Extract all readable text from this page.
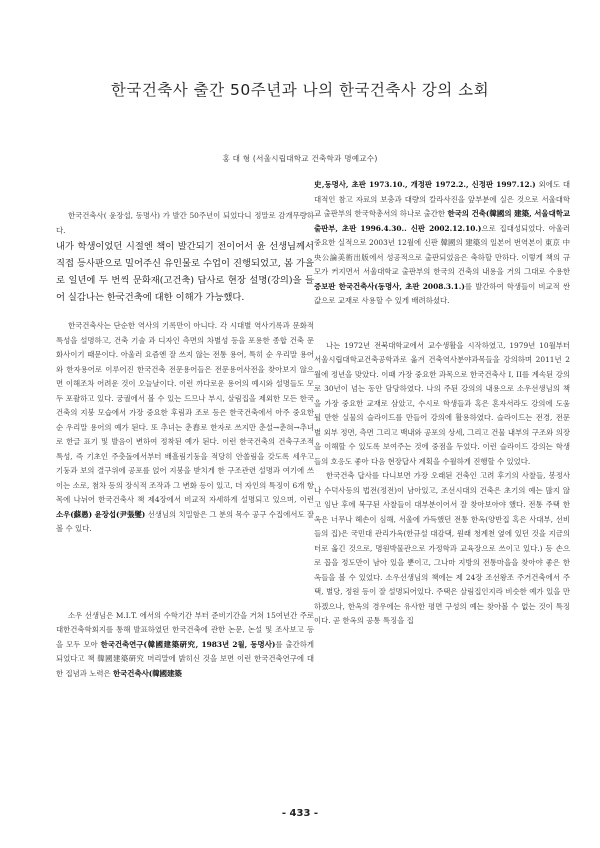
한국건축사 출간 50주년과 나의 한국건축사 강의 소회
홍 대 형 (서울시립대학교 건축학과 명예교수)

한국건축사( 윤장섭, 동명사) 가 발간 50주년이 되었다니 정말로 감개무량하다.

내가 학생이었던 시절엔 책이 발간되기 전이어서 윤 선생님께서 직접 등사판으로 밀어주신 유인물로 수업이 진행되었고, 봄 가을로 일년에 두 번씩 문화재(고건축) 답사로 현장 설명(강의)을 들어 실감나는 한국건축에 대한 이해가 가능했다.

한국건축사는 단순한 역사의 기록만이 아니다. 각 시대별 역사기록과 문화적 특성을 설명하고, 건축 기술 과 디자인 측면의 차별성 등을 포용한 종합 건축 문화사이기 때문이다. 아울러 요즘엔 잘 쓰지 않는 전통 용어, 특히 순 우리말 용어와 한자용어로 이루어진 한국건축 전문용어들은 전문용어사전을 찾아보지 않으면 이해조차 어려운 것이 오늘날이다. 이런 까다로운 용어의 예시와 설명들도 모두 포괄하고 있다. 궁궐에서 볼 수 있는 드므나 부시, 살림집을 제외한 모든 한국건축의 지붕 모습에서 가장 중요한 후림과 조로 등은 한국건축에서 아주 중요한 순 우리말 용어의 예가 된다. 또 추녀는 춘舂로 한자로 쓰지만 춘설→춘혀→추녀로 한글 표기 및 발음이 변하여 정착된 예가 된다. 이런 한국건축의 건축구조적 특성, 즉 기초인 주춧돌에서부터 배흘림기둥을 적당히 안쏠림을 갖도록 세우고 기둥과 보의 결구위에 공포를 얹어 지붕을 받치게 한 구조관련 설명과 여기에 쓰이는 소로, 첨차 등의 장식적 조작과 그 변화 등이 있고, 더 자인의 특징이 6개 항목에 나뉘어 한국건축사 책 제4장에서 비교적 자세하게 설명되고 있으며, 이런 소우(蘇愚) 윤장섭(尹張燮) 선생님의 치밀함은 그 분의 목수 공구 수집에서도 잘 볼 수 있다.

소우 선생님은 M.I.T. 에서의 수학기간 부터 준비기간을 거쳐 15여년간 주로 대한건축학회지를 통해 발표하였던 한국건축에 관한 논문, 논설 및 조사보고 등을 모두 모아 한국건축연구(韓國建築硏究, 1983년 2월, 동명사)를 출간하게 되었다고 책 韓國建築硏究 머리말에 밝히신 것을 보면 이런 한국건축연구에 대한 집념과 노력은 한국건축사(韓國建築

史,동명사, 초판 1973.10., 개정판 1972.2., 신정판 1997.12.) 외에도 대대적인 참고 자료의 보충과 대량의 칼라사진을 앞부분에 실은 것으로 서울대학교 출판부의 한국학총서의 하나로 출간한 한국의 건축(韓國의 建築, 서울대학교 출판부, 초판 1996.4.30.. 신판 2002.12.10.)으로 집대성되었다. 아울러 중요한 실적으로 2003년 12월에 신판 韓國의 建築의 일본어 번역본이 東京 中央公論美術出版에서 성공적으로 출판되었음은 축하할 만하다. 이렇게 책의 규모가 커지면서 서울대학교 출판부의 한국의 건축의 내용을 거의 그대로 수용한 증보판 한국건축사(동명사, 초판 2008.3.1.)를 발간하여 학생들이 비교적 싼 값으로 교재로 사용할 수 있게 배려하셨다.

나는 1972년 전북대학교에서 교수생활을 시작하였고, 1979년 10월부터 서울시립대학교건축공학과로 옮겨 건축역사분야과목들을 강의하며 2011년 2월에 정년을 맞았다. 이때 가장 중요한 과목으로 한국건축사 I, II를 계속된 강의로 30년이 넘는 동안 담당하였다. 나의 주된 강의의 내용으로 소우선생님의 책을 가장 중요한 교재로 삼았고, 수시로 학생들과 혹은 혼자서라도 강의에 도움 될 만한 실물의 슬라이드를 만들어 강의에 활용하였다. 슬라이드는 전경, 전문 별 외부 정면, 측면 그리고 백내와 공포의 상세, 그리고 건물 내부의 구조와 의장을 이해할 수 있도록 보여주는 것에 중점을 두었다. 이런 슬라이드 강의는 학생들의 호응도 좋아 다음 현장답사 계획을 수월하게 진행할 수 있었다.

한국건축 답사를 다니보면 가장 오래된 건축인 고려 후기의 사찰들, 봉정사나 수덕사등의 법전(정전)이 남아있고, 조선시대의 건축은 초기의 예는 많지 않고 임난 후에 복구된 사찰들이 대부분이어서 잘 찾아보아야 했다. 전통 주택 한옥은 너무나 헤손이 심해, 서울에 가득했던 전통 한옥(양반집 혹은 사대부, 선비들의 집)은 국민대 관리가옥(한규설 대감댁, 원래 청계천 옆에 있던 것을 지금의 터로 옮긴 것으로, 명원박물관으로 가정학과 교육장으로 쓰이고 있다.) 등 손으로 꼽을 정도만이 남아 있을 뿐이고, 그나마 지방의 전통마을을 찾아야 좋은 한옥들을 볼 수 있었다. 소우선생님의 책에는 제 24장 조선왕조 주거건축에서 주택, 별당, 정원 등이 잘 설명되어있다. 주택은 살림집인지라 비슷한 예가 있을 만하겠으나, 한옥의 경우에는 유사한 평면 구성의 예는 찾아볼 수 없는 것이 특징이다. 곧 한옥의 공통 특징을 집

- 433 -
